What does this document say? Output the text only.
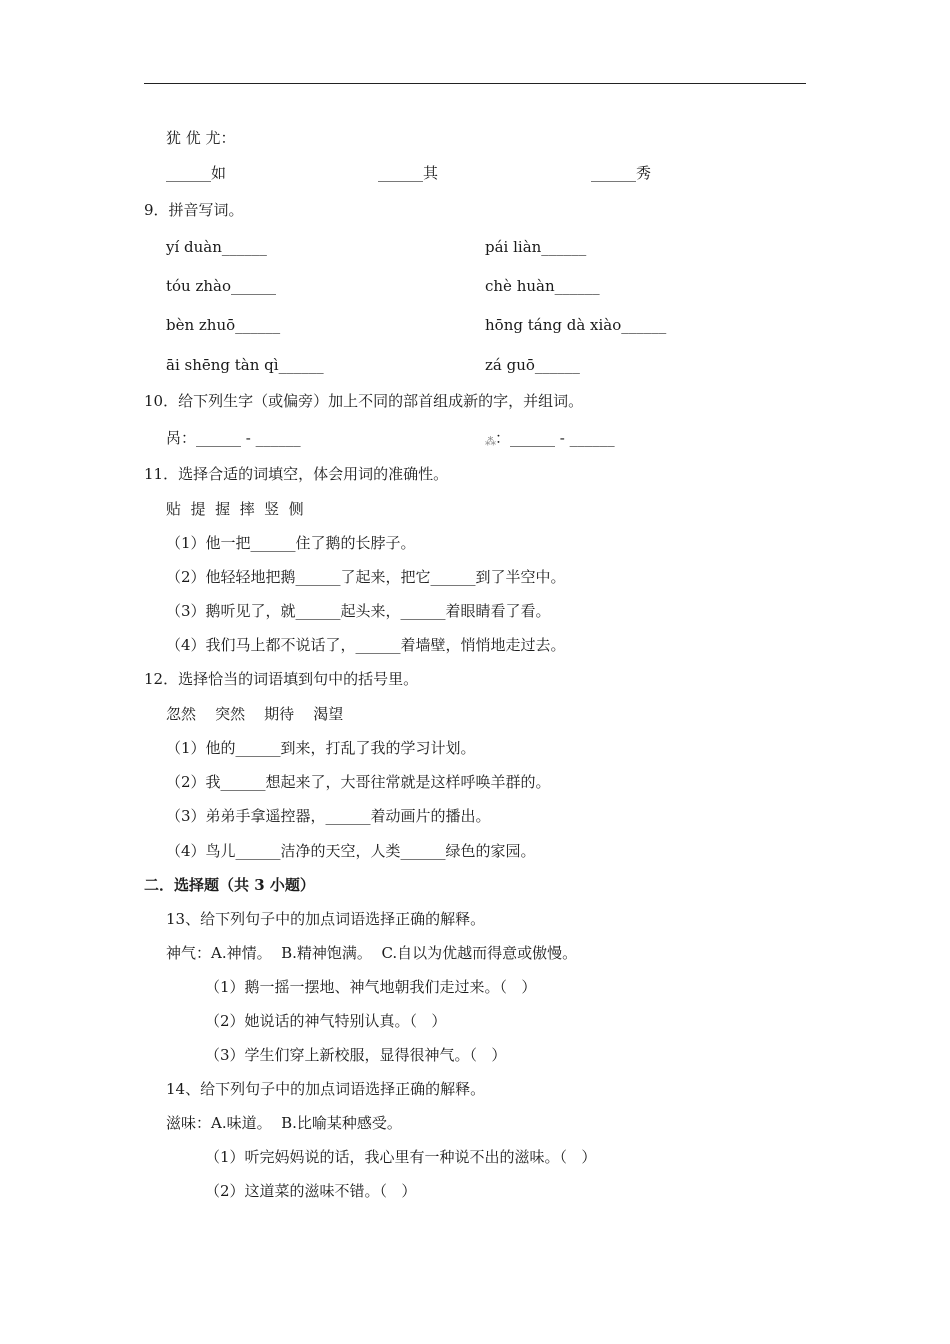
犹 优 尤：
______如	______其	______秀
9．拼音写词。
yí duàn______	pái liàn______
tóu zhào______	chè huàn______
bèn zhuō______	hōng táng dà xiào______
āi shēng tàn qì______	zá guō______
10．给下列生字（或偏旁）加上不同的部首组成新的字，并组词。
呙：______ - ______	⁂：______ - ______
11．选择合适的词填空，体会用词的准确性。
贴  提  握  摔  竖  侧
（1）他一把______住了鹅的长脖子。
（2）他轻轻地把鹅______了起来，把它______到了半空中。
（3）鹅听见了，就______起头来，______着眼睛看了看。
（4）我们马上都不说话了，______着墙壁，悄悄地走过去。
12．选择恰当的词语填到句中的括号里。
忽然    突然    期待    渴望
（1）他的______到来，打乱了我的学习计划。
（2）我______想起来了，大哥往常就是这样呼唤羊群的。
（3）弟弟手拿遥控器，______着动画片的播出。
（4）鸟儿______洁净的天空，人类______绿色的家园。
二．选择题（共 3 小题）
13、给下列句子中的加点词语选择正确的解释。
神气：A.神情。  B.精神饱满。  C.自以为优越而得意或傲慢。
（1）鹅一摇一摆地、神气地朝我们走过来。（   ）
（2）她说话的神气特别认真。（   ）
（3）学生们穿上新校服，显得很神气。（   ）
14、给下列句子中的加点词语选择正确的解释。
滋味：A.味道。  B.比喻某种感受。
（1）听完妈妈说的话，我心里有一种说不出的滋味。（   ）
（2）这道菜的滋味不错。（   ）
